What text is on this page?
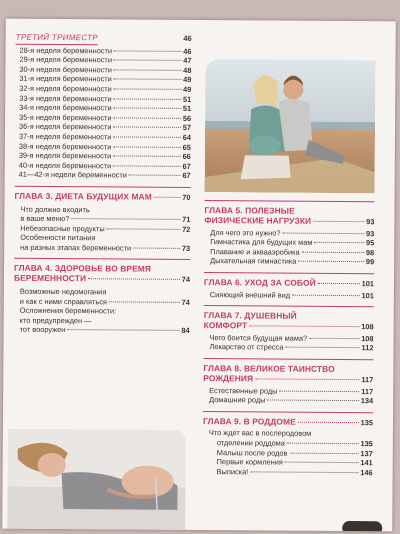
ТРЕТИЙ ТРИМЕСТР	46
28-я неделя беременности	46
29-я неделя беременности	47
30-я неделя беременности	48
31-я неделя беременности	49
32-я неделя беременности	49
33-я неделя беременности	51
34-я неделя беременности	51
35-я неделя беременности	56
36-я неделя беременности	57
37-я неделя беременности	64
38-я неделя беременности	65
39-я неделя беременности	66
40-я неделя беременности	67
41—42-я недели беременности	67
ГЛАВА 3. ДИЕТА БУДУЩИХ МАМ	70
Что должно входить
в ваше меню?	71
Небезопасные продукты	72
Особенности питания
на разных этапах беременности	73
ГЛАВА 4. ЗДОРОВЬЕ ВО ВРЕМЯ
БЕРЕМЕННОСТИ	74
Возможные недомогания
и как с ними справляться	74
Осложнения беременности:
кто предупрежден —
тот вооружен	84
ГЛАВА 5. ПОЛЕЗНЫЕ
ФИЗИЧЕСКИЕ НАГРУЗКИ	93
Для чего это нужно?	93
Гимнастика для будущих мам	95
Плавание и аквааэробика	98
Дыхательная гимнастика	99
ГЛАВА 6. УХОД ЗА СОБОЙ	101
Сияющий внешний вид	101
ГЛАВА 7. ДУШЕВНЫЙ
КОМФОРТ	108
Чего боится будущая мама?	108
Лекарство от стресса	112
ГЛАВА 8. ВЕЛИКОЕ ТАИНСТВО
РОЖДЕНИЯ	117
Естественные роды	117
Домашние роды	134
ГЛАВА 9. В РОДДОМЕ	135
Что ждет вас в послеродовом
отделении роддома	135
Малыш после родов	137
Первые кормления	141
Выписка!	146
